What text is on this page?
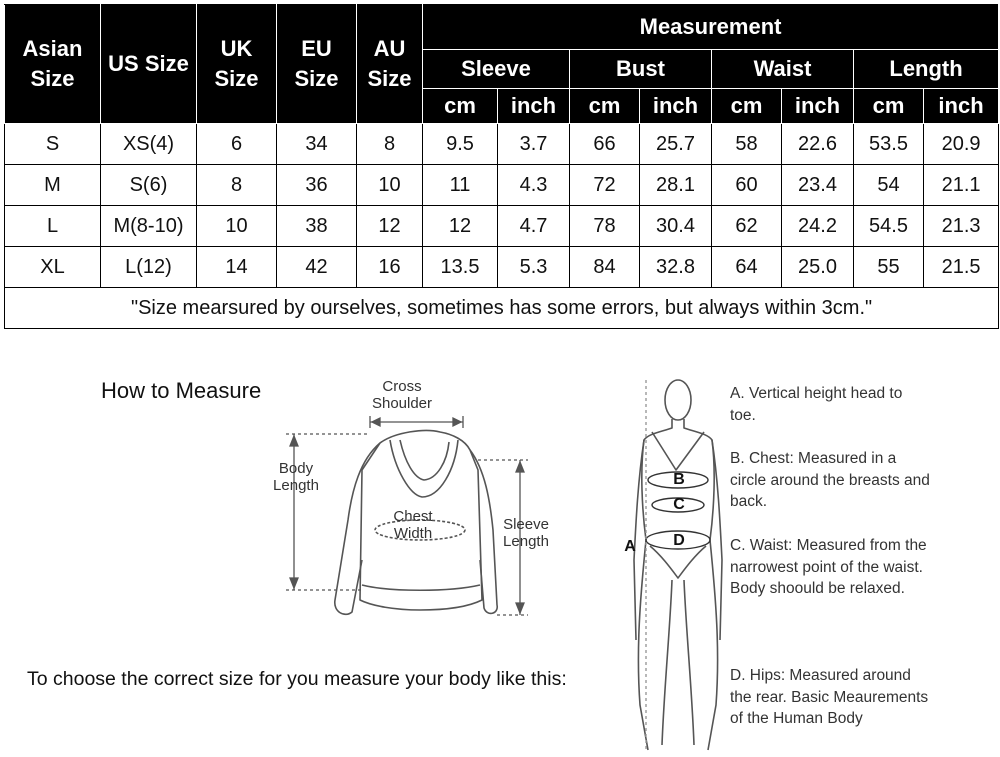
Asian Size	US Size	UK Size	EU Size	AU Size	Measurement							
					Sleeve		Bust		Waist		Length	
					cm	inch	cm	inch	cm	inch	cm	inch
S	XS(4)	6	34	8	9.5	3.7	66	25.7	58	22.6	53.5	20.9
M	S(6)	8	36	10	11	4.3	72	28.1	60	23.4	54	21.1
L	M(8-10)	10	38	12	12	4.7	78	30.4	62	24.2	54.5	21.3
XL	L(12)	14	42	16	13.5	5.3	84	32.8	64	25.0	55	21.5
"Size mearsured by ourselves, sometimes has some errors, but always within 3cm."												
How to Measure	Cross Shoulder
Body Length
Chest Width
Sleeve Length
To choose the correct size for you measure your body like this:
A
B
C
D
A. Vertical height head to toe.
B. Chest: Measured in a circle around the breasts and back.
C. Waist: Measured from the narrowest point of the waist. Body shoould be relaxed.
D. Hips: Measured around the rear. Basic Meaurements of the Human Body
